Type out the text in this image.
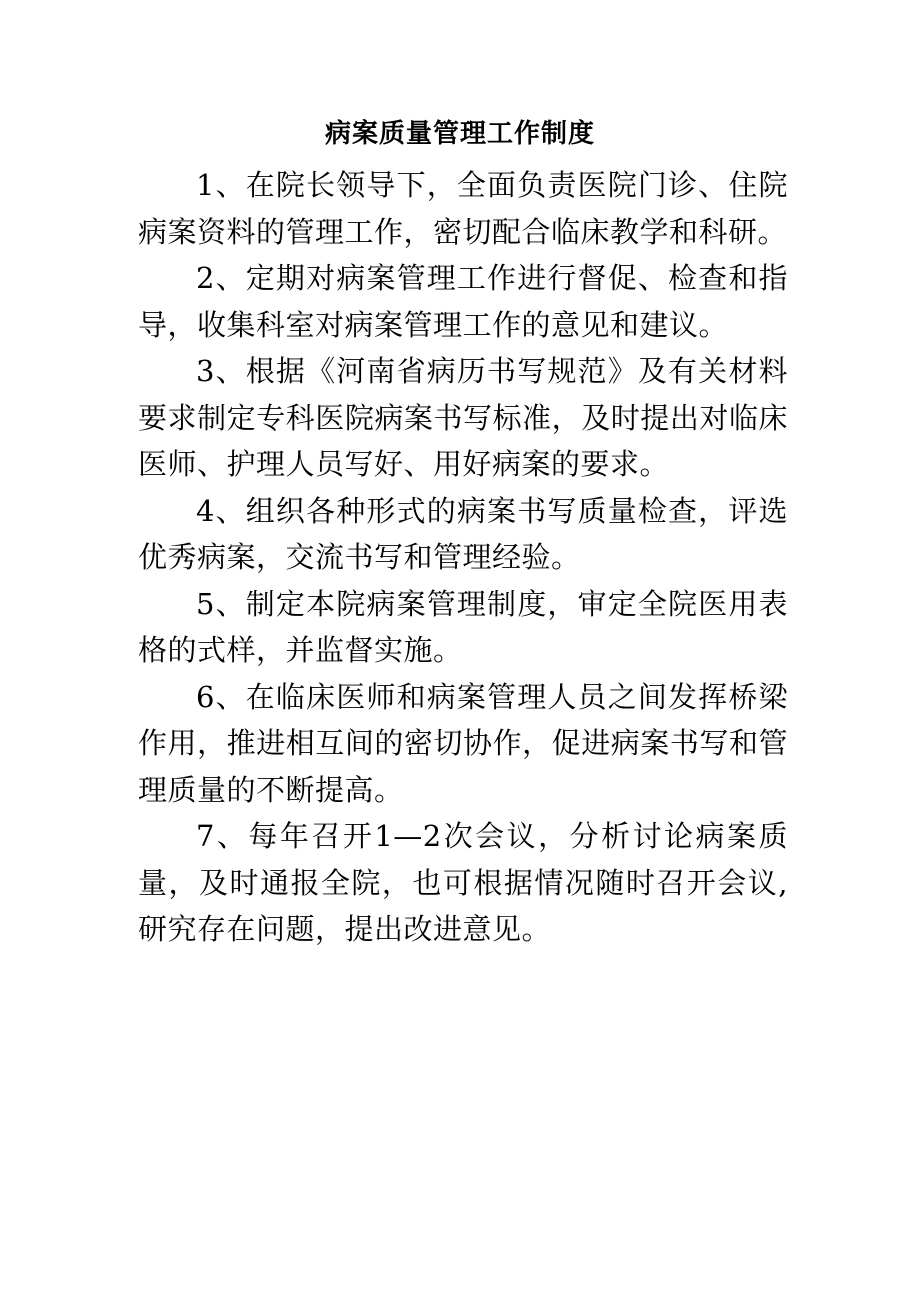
病案质量管理工作制度

1、在院长领导下，全面负责医院门诊、住院病案资料的管理工作，密切配合临床教学和科研。

2、定期对病案管理工作进行督促、检查和指导，收集科室对病案管理工作的意见和建议。

3、根据《河南省病历书写规范》及有关材料要求制定专科医院病案书写标准，及时提出对临床医师、护理人员写好、用好病案的要求。

4、组织各种形式的病案书写质量检查，评选优秀病案，交流书写和管理经验。

5、制定本院病案管理制度，审定全院医用表格的式样，并监督实施。

6、在临床医师和病案管理人员之间发挥桥梁作用，推进相互间的密切协作，促进病案书写和管理质量的不断提高。

7、每年召开1—2次会议，分析讨论病案质量，及时通报全院，也可根据情况随时召开会议,研究存在问题，提出改进意见。
